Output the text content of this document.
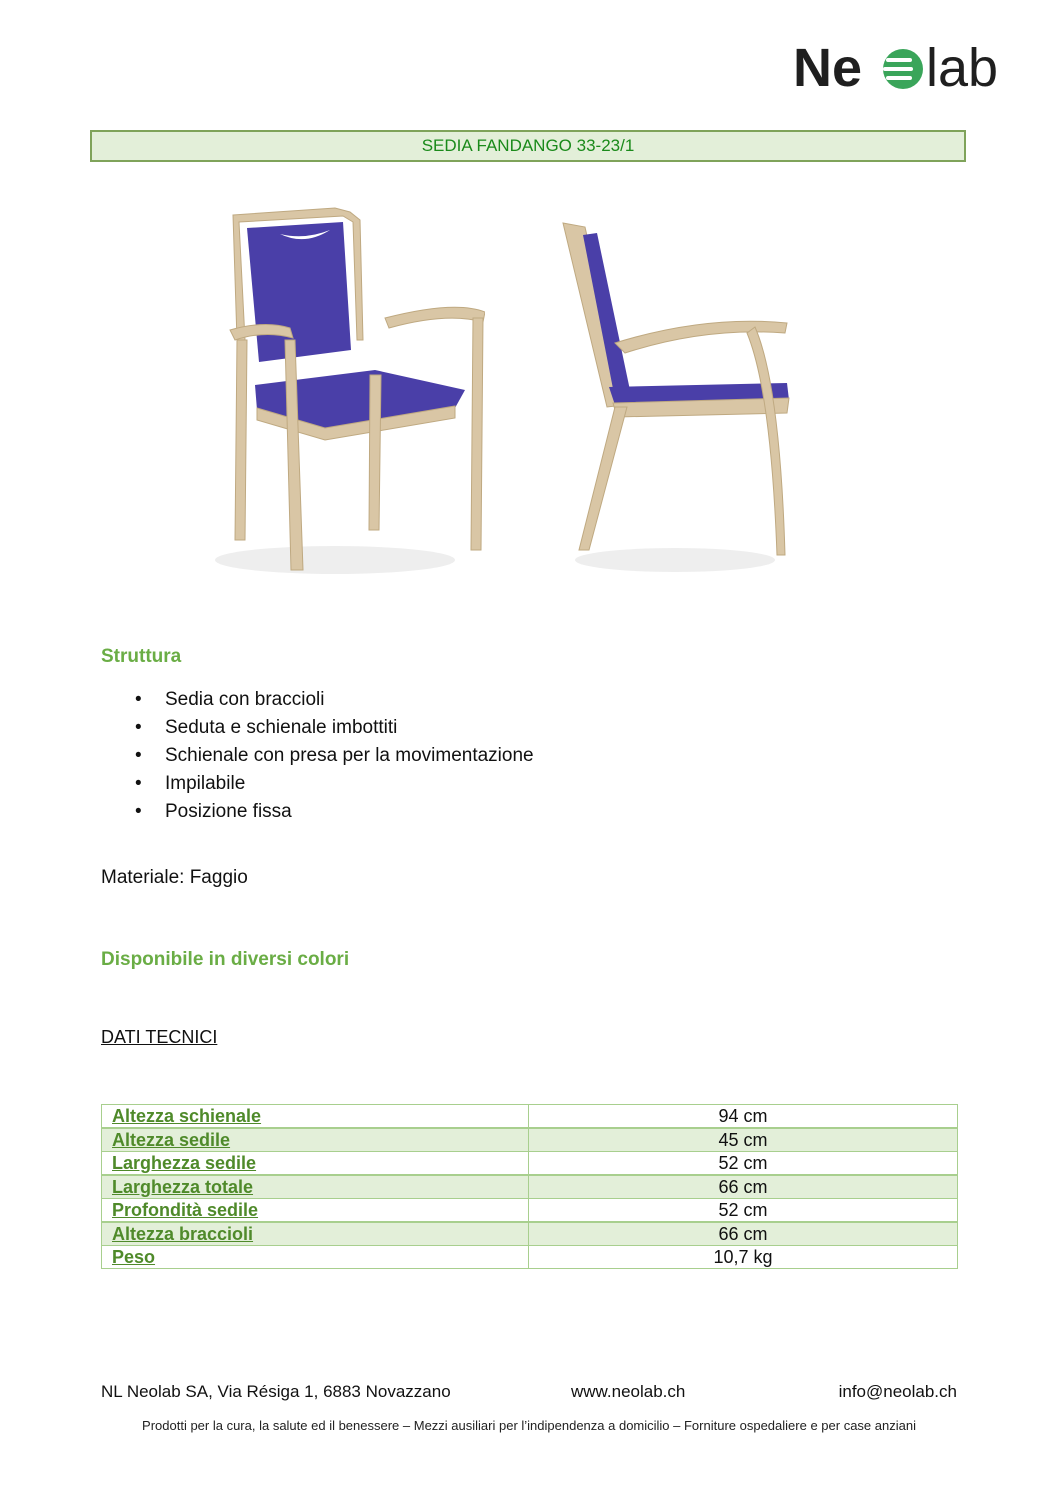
Ne lab
SEDIA FANDANGO 33-23/1
Struttura
• Sedia con braccioli
• Seduta e schienale imbottiti
• Schienale con presa per la movimentazione
• Impilabile
• Posizione fissa
Materiale: Faggio
Disponibile in diversi colori
DATI TECNICI
Altezza schienale	94 cm
Altezza sedile	45 cm
Larghezza sedile	52 cm
Larghezza totale	66 cm
Profondità sedile	52 cm
Altezza braccioli	66 cm
Peso	10,7 kg
NL Neolab SA, Via Résiga 1, 6883 Novazzano	www.neolab.ch	info@neolab.ch
Prodotti per la cura, la salute ed il benessere – Mezzi ausiliari per l’indipendenza a domicilio – Forniture ospedaliere e per case anziani
